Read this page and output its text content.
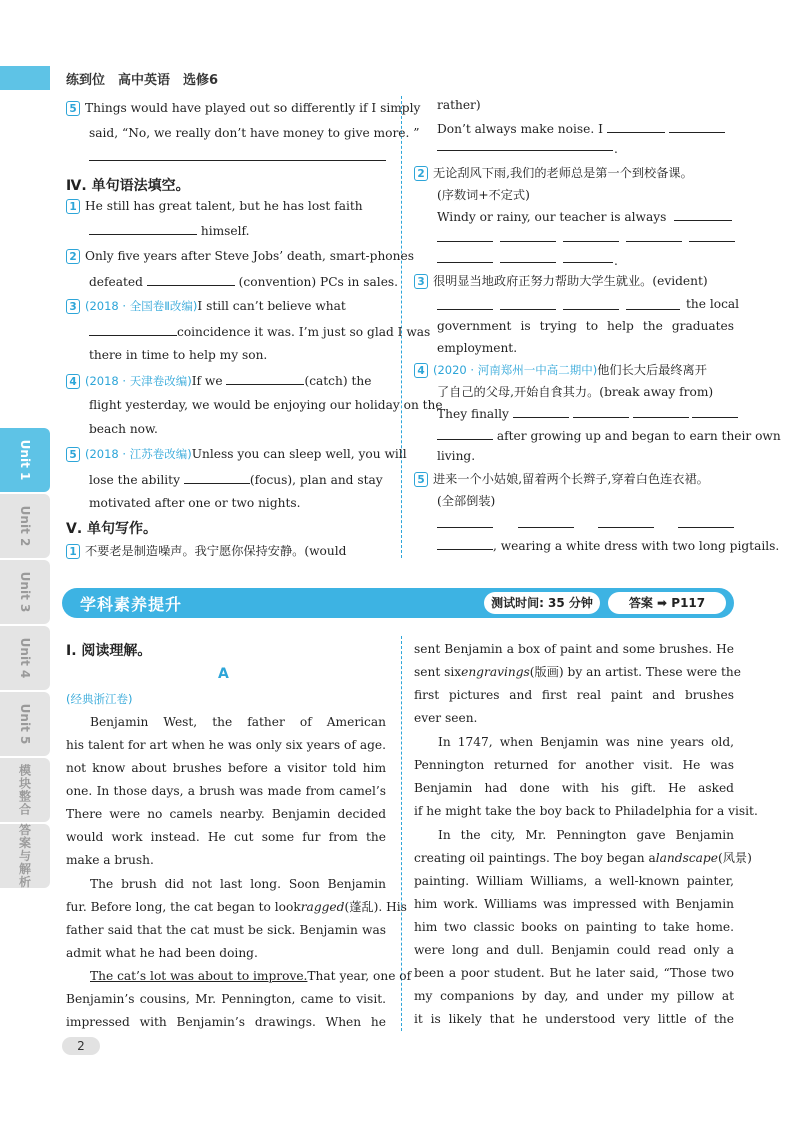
练到位　高中英语　选修6
Unit 1
Unit 2
Unit 3
Unit 4
Unit 5
模块整合
答案与解析
5 Things would have played out so differently if I simply
said, “No, we really don’t have money to give more. ”
Ⅳ. 单句语法填空。
1 He still has great talent, but he has lost faith
himself.
2 Only five years after Steve Jobs’ death, smart-phones
defeated	(convention) PCs in sales.
3 (2018 · 全国卷Ⅱ改编)I still can’t believe what
coincidence it was. I’m just so glad I was
there in time to help my son.
4 (2018 · 天津卷改编)If we	(catch) the
flight yesterday, we would be enjoying our holiday on the
beach now.
5 (2018 · 江苏卷改编)Unless you can sleep well, you will
lose the ability	(focus), plan and stay
motivated after one or two nights.
Ⅴ. 单句写作。
1 不要老是制造噪声。我宁愿你保持安静。(would
rather)
Don’t always make noise. I
.
2 无论刮风下雨,我们的老师总是第一个到校备课。
(序数词+不定式)
Windy or rainy, our teacher is always
.
3 很明显当地政府正努力帮助大学生就业。(evident)
the local
government is trying to help the graduates
employment.
4 (2020 · 河南郑州一中高二期中)他们长大后最终离开
了自己的父母,开始自食其力。(break away from)
They finally
after growing up and began to earn their own
living.
5 进来一个小姑娘,留着两个长辫子,穿着白色连衣裙。
(全部倒装)
, wearing a white dress with two long pigtails.
学科素养提升	测试时间: 35 分钟	答案 ➡ P117
Ⅰ. 阅读理解。
A
(经典浙江卷)
Benjamin West, the father of American
his talent for art when he was only six years of age.
not know about brushes before a visitor told him
one. In those days, a brush was made from camel’s
There were no camels nearby. Benjamin decided
would work instead. He cut some fur from the
make a brush.
The brush did not last long. Soon Benjamin
fur. Before long, the cat began to look ragged (蓬乱). His
father said that the cat must be sick. Benjamin was
admit what he had been doing.
The cat’s lot was about to improve. That year, one of
Benjamin’s cousins, Mr. Pennington, came to visit.
impressed with Benjamin’s drawings. When he
sent Benjamin a box of paint and some brushes. He
sent six engravings (版画) by an artist. These were the
first pictures and first real paint and brushes
ever seen.
In 1747, when Benjamin was nine years old,
Pennington returned for another visit. He was
Benjamin had done with his gift. He asked
if he might take the boy back to Philadelphia for a visit.
In the city, Mr. Pennington gave Benjamin
creating oil paintings. The boy began a landscape (风景)
painting. William Williams, a well-known painter,
him work. Williams was impressed with Benjamin
him two classic books on painting to take home.
were long and dull. Benjamin could read only a
been a poor student. But he later said, “Those two
my companions by day, and under my pillow at
it is likely that he understood very little of the
2
